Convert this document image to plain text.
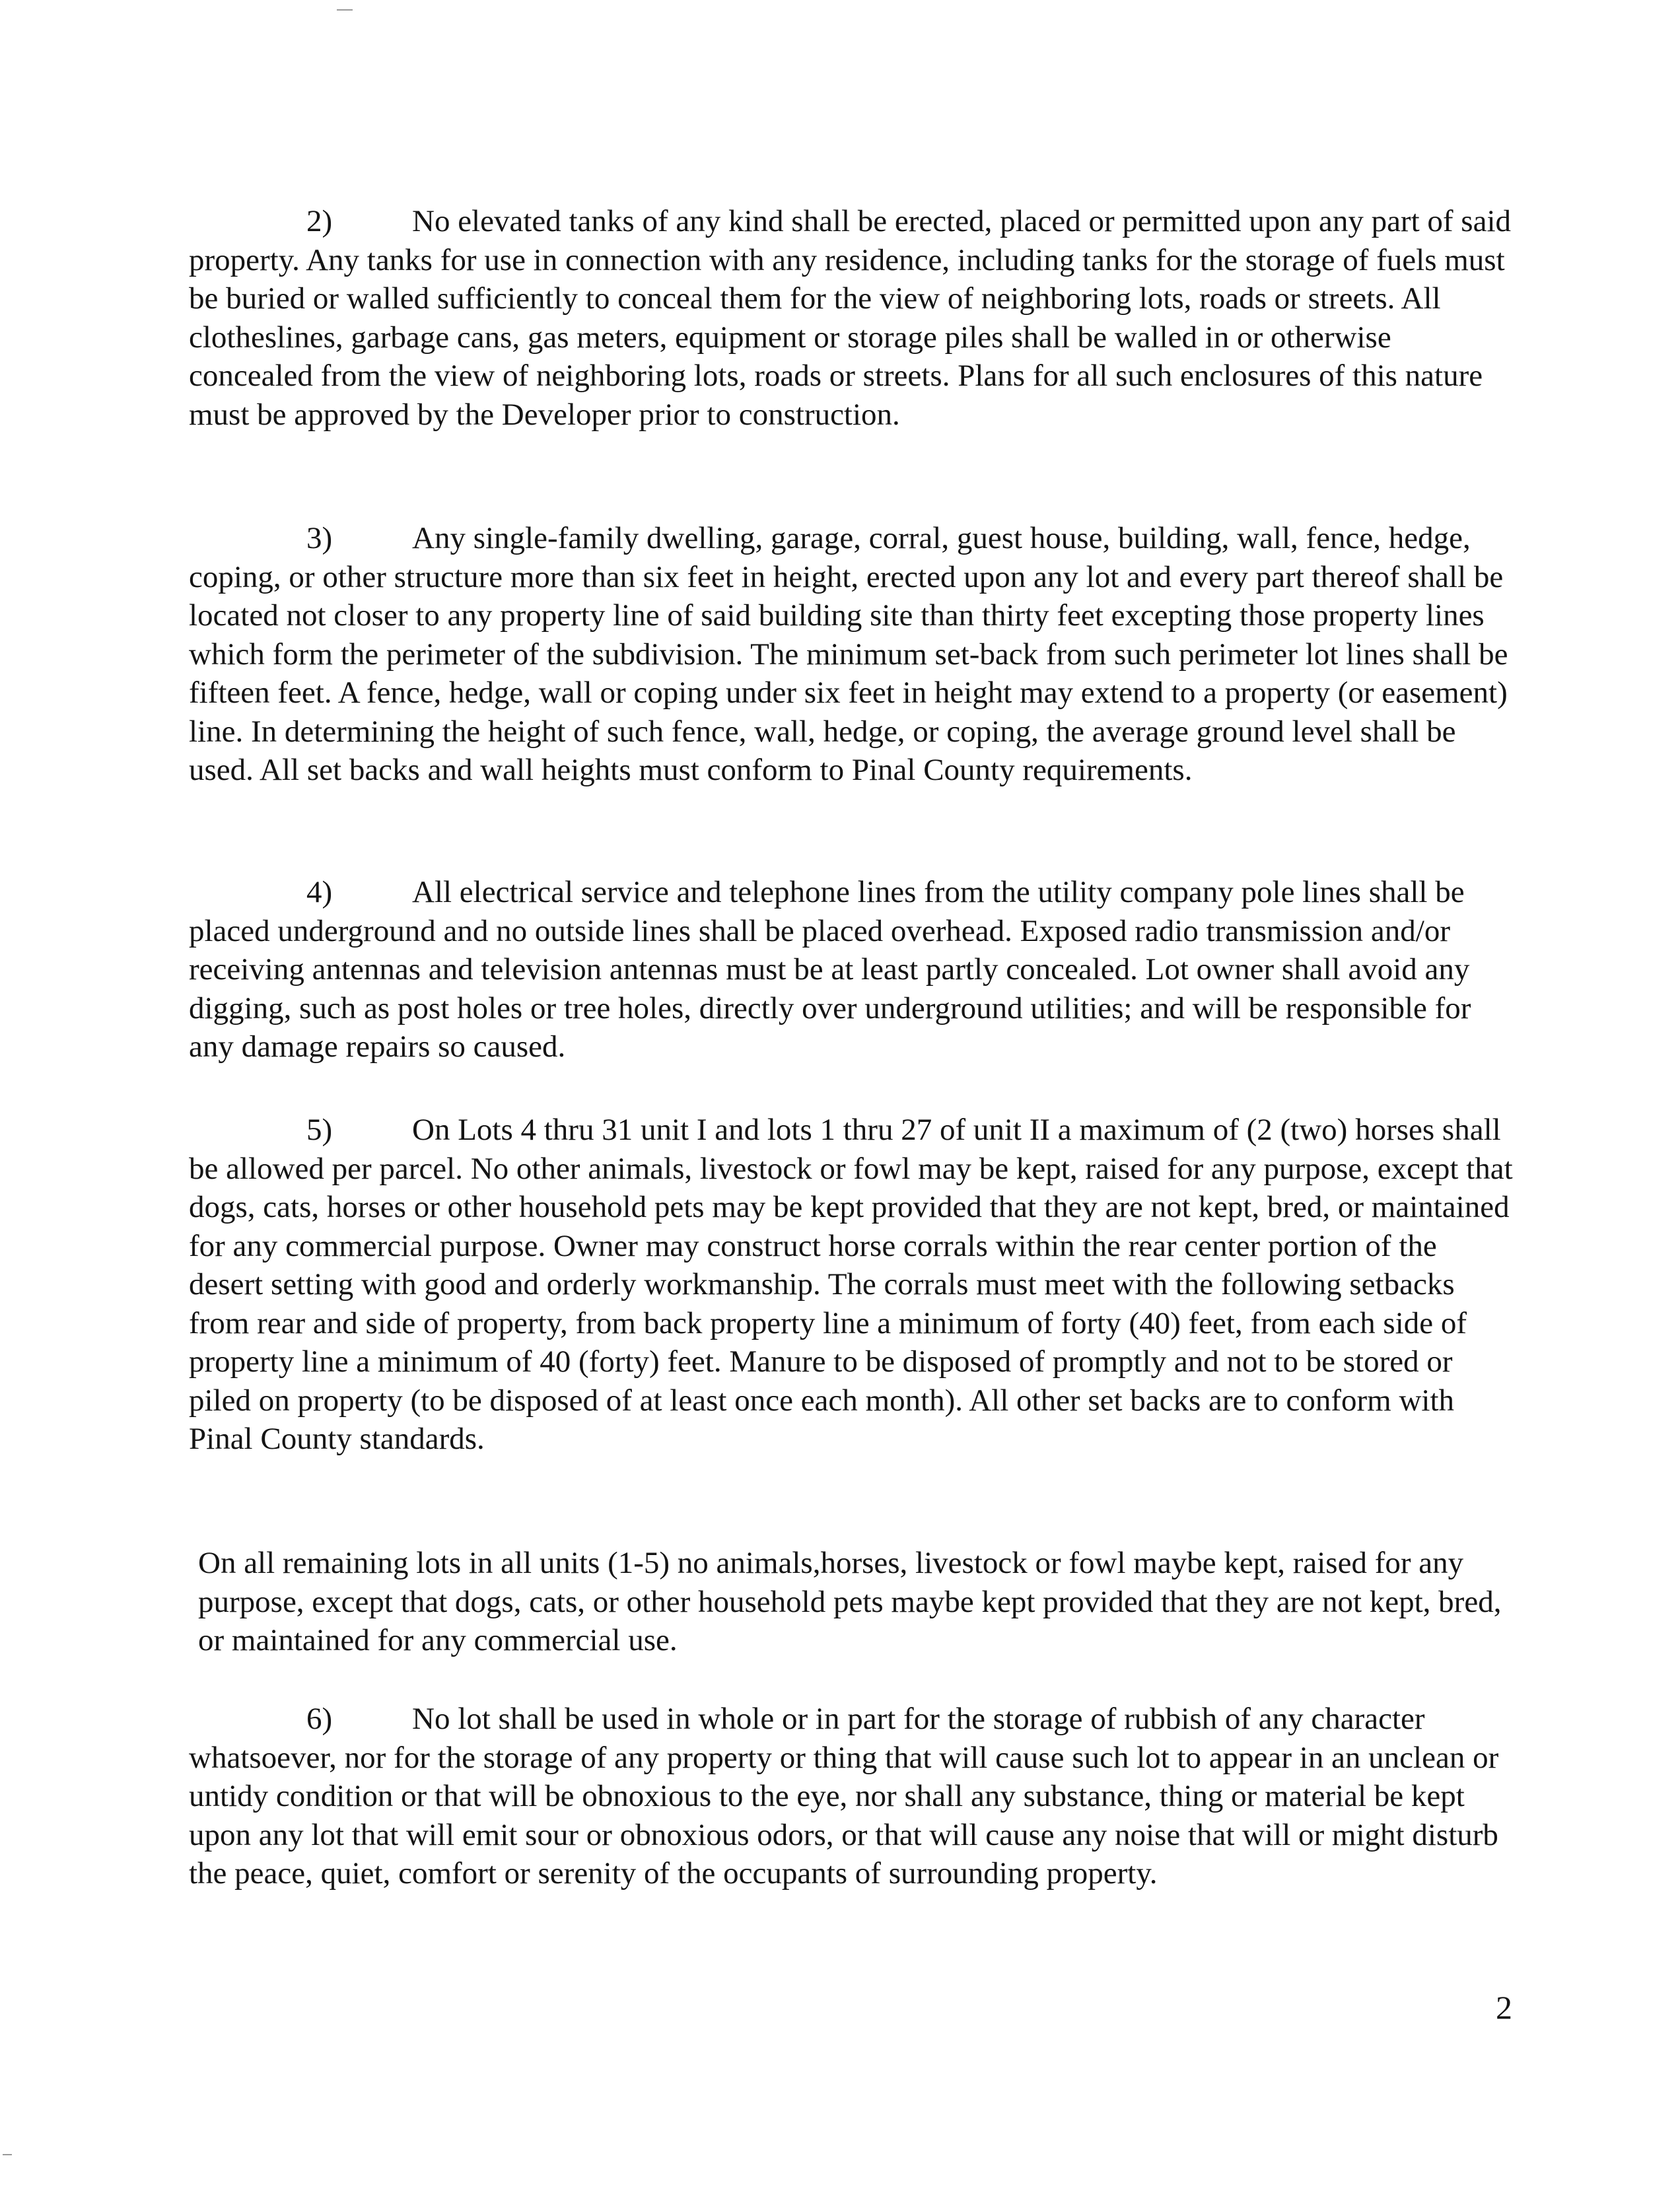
2)	No elevated tanks of any kind shall be erected, placed or permitted upon any part of said property. Any tanks for use in connection with any residence, including tanks for the storage of fuels must be buried or walled sufficiently to conceal them for the view of neighboring lots, roads or streets. All clotheslines, garbage cans, gas meters, equipment or storage piles shall be walled in or otherwise concealed from the view of neighboring lots, roads or streets. Plans for all such enclosures of this nature must be approved by the Developer prior to construction.

3)	Any single-family dwelling, garage, corral, guest house, building, wall, fence, hedge, coping, or other structure more than six feet in height, erected upon any lot and every part thereof shall be located not closer to any property line of said building site than thirty feet excepting those property lines which form the perimeter of the subdivision. The minimum set-back from such perimeter lot lines shall be fifteen feet. A fence, hedge, wall or coping under six feet in height may extend to a property (or easement) line. In determining the height of such fence, wall, hedge, or coping, the average ground level shall be used. All set backs and wall heights must conform to Pinal County requirements.

4)	All electrical service and telephone lines from the utility company pole lines shall be placed underground and no outside lines shall be placed overhead. Exposed radio transmission and/or receiving antennas and television antennas must be at least partly concealed. Lot owner shall avoid any digging, such as post holes or tree holes, directly over underground utilities; and will be responsible for any damage repairs so caused.

5)	On Lots 4 thru 31 unit I and lots 1 thru 27 of unit II a maximum of (2 (two) horses shall be allowed per parcel. No other animals, livestock or fowl may be kept, raised for any purpose, except that dogs, cats, horses or other household pets may be kept provided that they are not kept, bred, or maintained for any commercial purpose. Owner may construct horse corrals within the rear center portion of the desert setting with good and orderly workmanship. The corrals must meet with the following setbacks from rear and side of property, from back property line a minimum of forty (40) feet, from each side of property line a minimum of 40 (forty) feet. Manure to be disposed of promptly and not to be stored or piled on property (to be disposed of at least once each month). All other set backs are to conform with Pinal County standards.

On all remaining lots in all units (1-5) no animals,horses, livestock or fowl maybe kept, raised for any purpose, except that dogs, cats, or other household pets maybe kept provided that they are not kept, bred, or maintained for any commercial use.

6)	No lot shall be used in whole or in part for the storage of rubbish of any character whatsoever, nor for the storage of any property or thing that will cause such lot to appear in an unclean or untidy condition or that will be obnoxious to the eye, nor shall any substance, thing or material be kept upon any lot that will emit sour or obnoxious odors, or that will cause any noise that will or might disturb the peace, quiet, comfort or serenity of the occupants of surrounding property.

2
